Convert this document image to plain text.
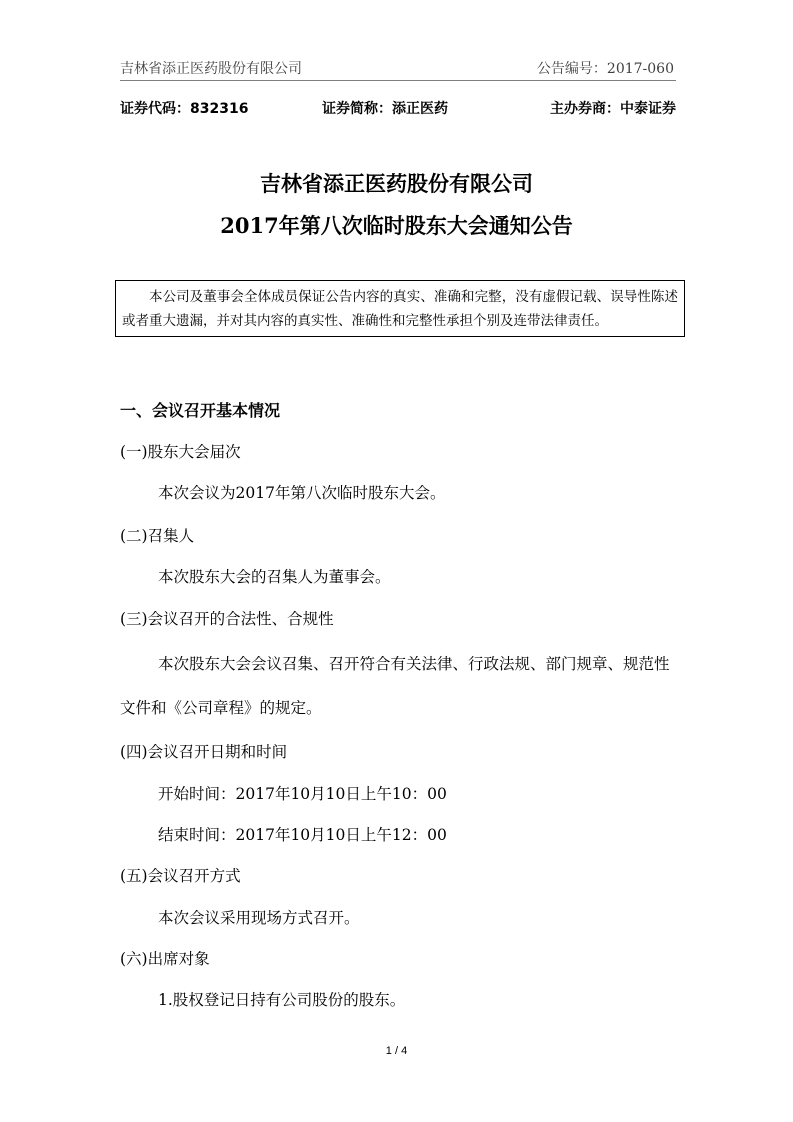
吉林省添正医药股份有限公司	公告编号：2017-060
证券代码：832316	证券简称：添正医药	主办券商：中泰证券
吉林省添正医药股份有限公司
2017年第八次临时股东大会通知公告

本公司及董事会全体成员保证公告内容的真实、准确和完整，没有虚假记载、误导性陈述或者重大遗漏，并对其内容的真实性、准确性和完整性承担个别及连带法律责任。

一、会议召开基本情况
(一)股东大会届次
本次会议为2017年第八次临时股东大会。
(二)召集人
本次股东大会的召集人为董事会。
(三)会议召开的合法性、合规性

本次股东大会会议召集、召开符合有关法律、行政法规、部门规章、规范性文件和《公司章程》的规定。

(四)会议召开日期和时间
开始时间：2017年10月10日上午10：00
结束时间：2017年10月10日上午12：00
(五)会议召开方式
本次会议采用现场方式召开。
(六)出席对象
1.股权登记日持有公司股份的股东。
1 / 4
